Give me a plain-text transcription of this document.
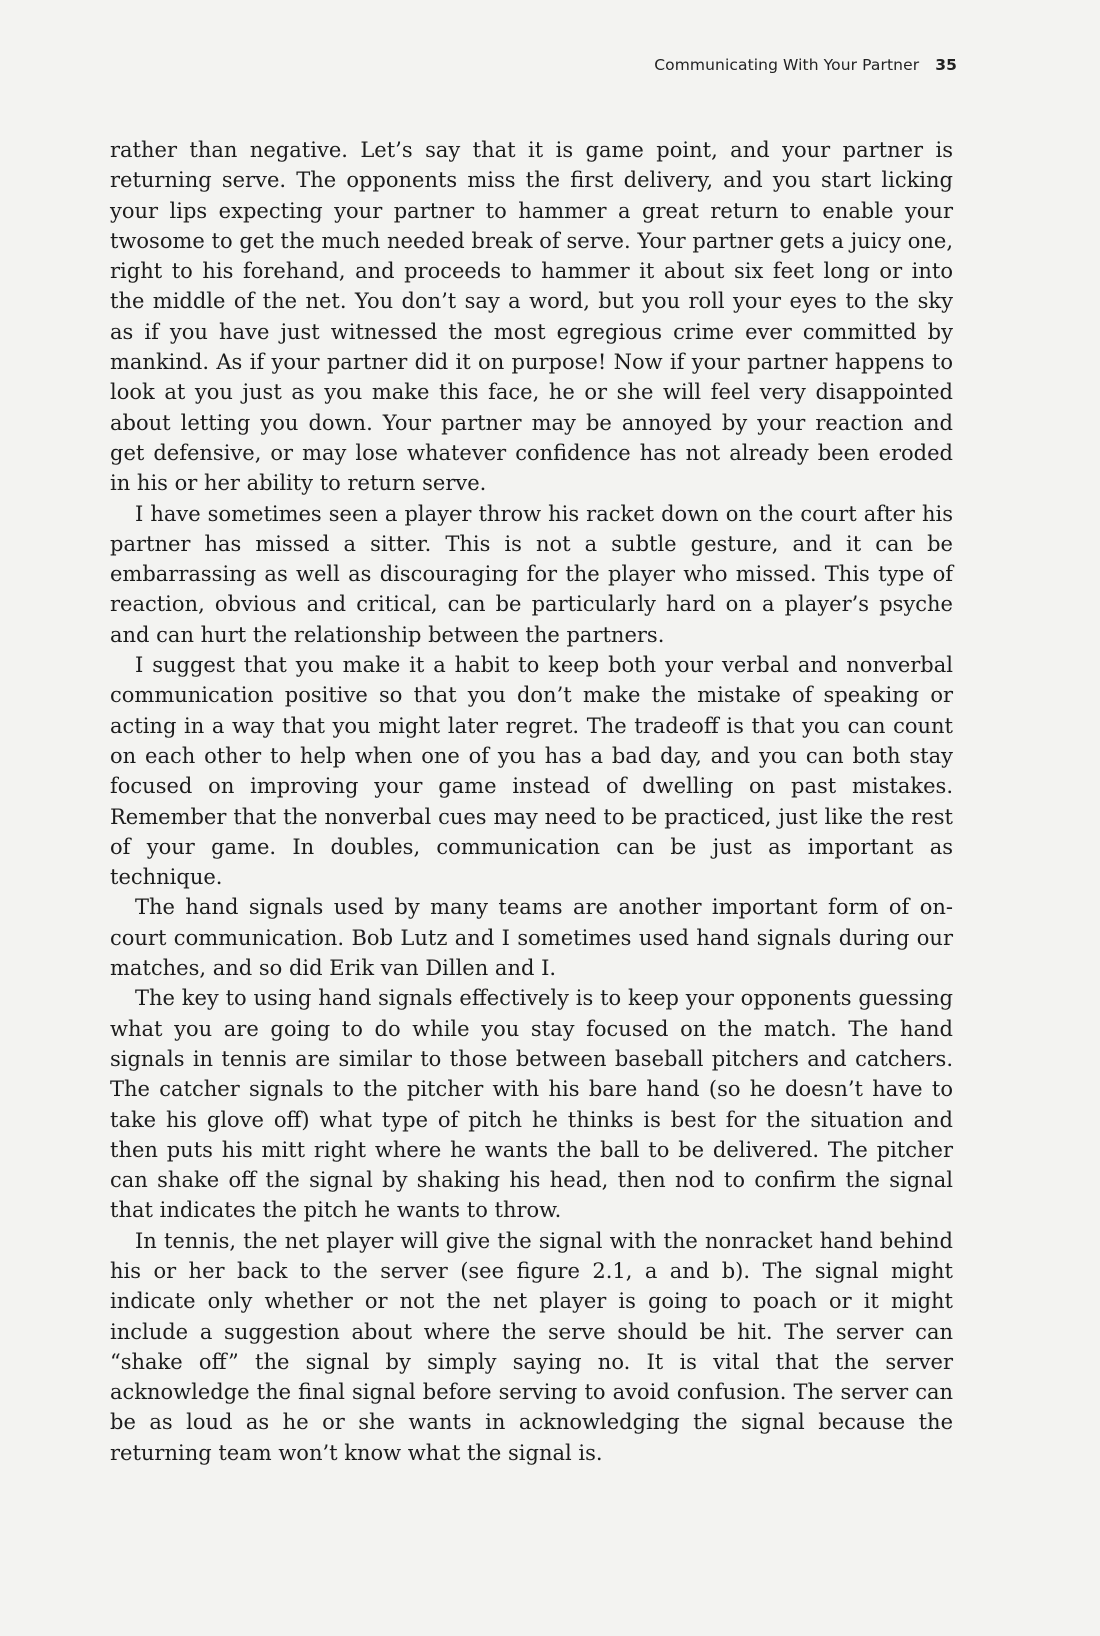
Communicating With Your Partner 35

rather than negative. Let’s say that it is game point, and your partner is returning serve. The opponents miss the first delivery, and you start licking your lips expecting your partner to hammer a great return to enable your twosome to get the much needed break of serve. Your partner gets a juicy one, right to his forehand, and proceeds to hammer it about six feet long or into the middle of the net. You don’t say a word, but you roll your eyes to the sky as if you have just witnessed the most egregious crime ever committed by mankind. As if your partner did it on purpose! Now if your partner happens to look at you just as you make this face, he or she will feel very disappointed about letting you down. Your partner may be annoyed by your reaction and get defensive, or may lose whatever confidence has not already been eroded in his or her ability to return serve.

I have sometimes seen a player throw his racket down on the court after his partner has missed a sitter. This is not a subtle gesture, and it can be embarrassing as well as discouraging for the player who missed. This type of reaction, obvious and critical, can be particularly hard on a player’s psyche and can hurt the relationship between the partners.

I suggest that you make it a habit to keep both your verbal and nonverbal communication positive so that you don’t make the mistake of speaking or acting in a way that you might later regret. The tradeoff is that you can count on each other to help when one of you has a bad day, and you can both stay focused on improving your game instead of dwelling on past mistakes. Remember that the nonverbal cues may need to be practiced, just like the rest of your game. In doubles, communication can be just as important as technique.

The hand signals used by many teams are another important form of on-court communication. Bob Lutz and I sometimes used hand signals during our matches, and so did Erik van Dillen and I.

The key to using hand signals effectively is to keep your opponents guessing what you are going to do while you stay focused on the match. The hand signals in tennis are similar to those between baseball pitchers and catchers. The catcher signals to the pitcher with his bare hand (so he doesn’t have to take his glove off) what type of pitch he thinks is best for the situation and then puts his mitt right where he wants the ball to be delivered. The pitcher can shake off the signal by shaking his head, then nod to confirm the signal that indicates the pitch he wants to throw.

In tennis, the net player will give the signal with the nonracket hand behind his or her back to the server (see figure 2.1, a and b). The signal might indicate only whether or not the net player is going to poach or it might include a suggestion about where the serve should be hit. The server can “shake off” the signal by simply saying no. It is vital that the server acknowledge the final signal before serving to avoid confusion. The server can be as loud as he or she wants in acknowledging the signal because the returning team won’t know what the signal is.
